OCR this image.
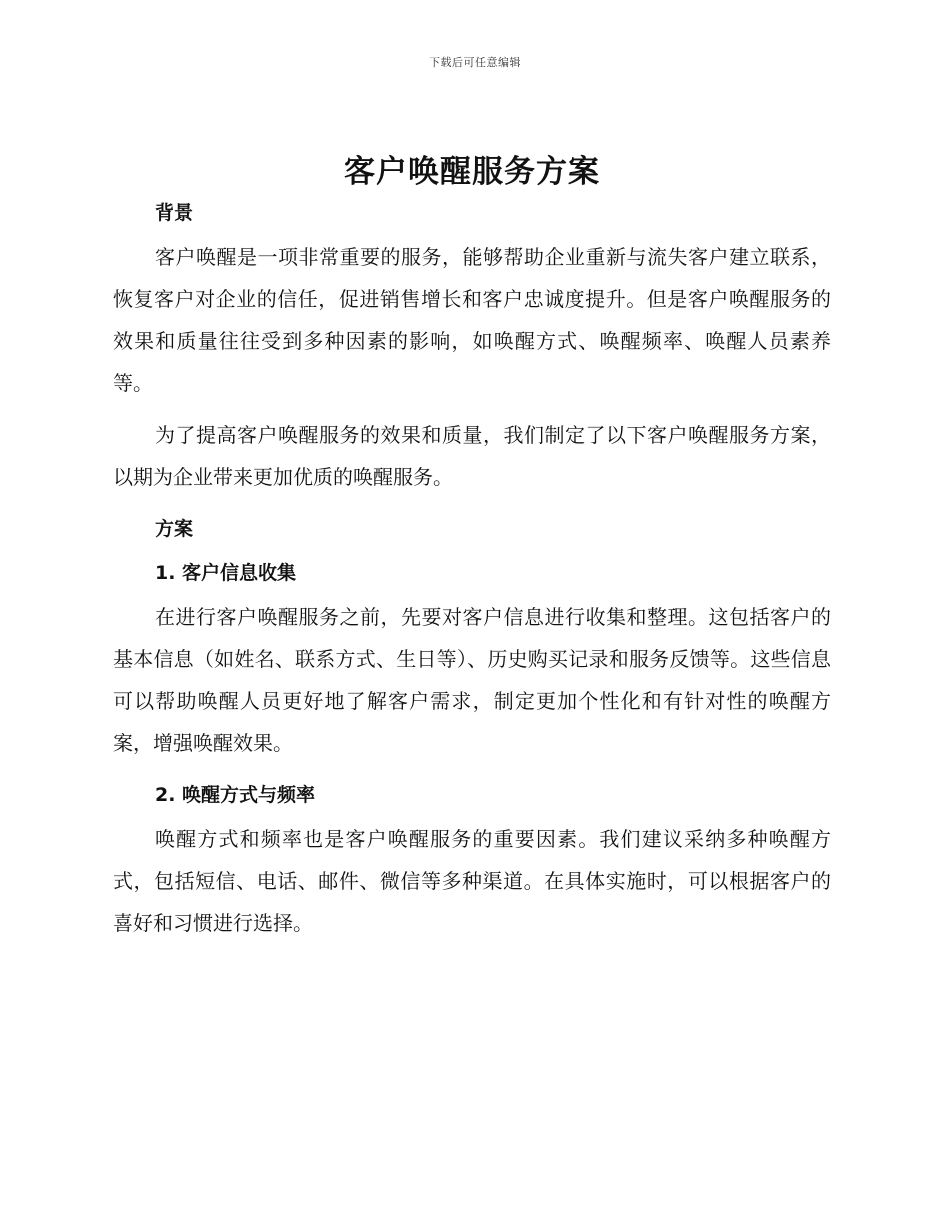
下载后可任意编辑
客户唤醒服务方案
背景

客户唤醒是一项非常重要的服务，能够帮助企业重新与流失客户建立联系，恢复客户对企业的信任，促进销售增长和客户忠诚度提升。但是客户唤醒服务的效果和质量往往受到多种因素的影响，如唤醒方式、唤醒频率、唤醒人员素养等。

为了提高客户唤醒服务的效果和质量，我们制定了以下客户唤醒服务方案，以期为企业带来更加优质的唤醒服务。

方案
1. 客户信息收集

在进行客户唤醒服务之前，先要对客户信息进行收集和整理。这包括客户的基本信息（如姓名、联系方式、生日等）、历史购买记录和服务反馈等。这些信息可以帮助唤醒人员更好地了解客户需求，制定更加个性化和有针对性的唤醒方案，增强唤醒效果。

2. 唤醒方式与频率

唤醒方式和频率也是客户唤醒服务的重要因素。我们建议采纳多种唤醒方式，包括短信、电话、邮件、微信等多种渠道。在具体实施时，可以根据客户的喜好和习惯进行选择。
